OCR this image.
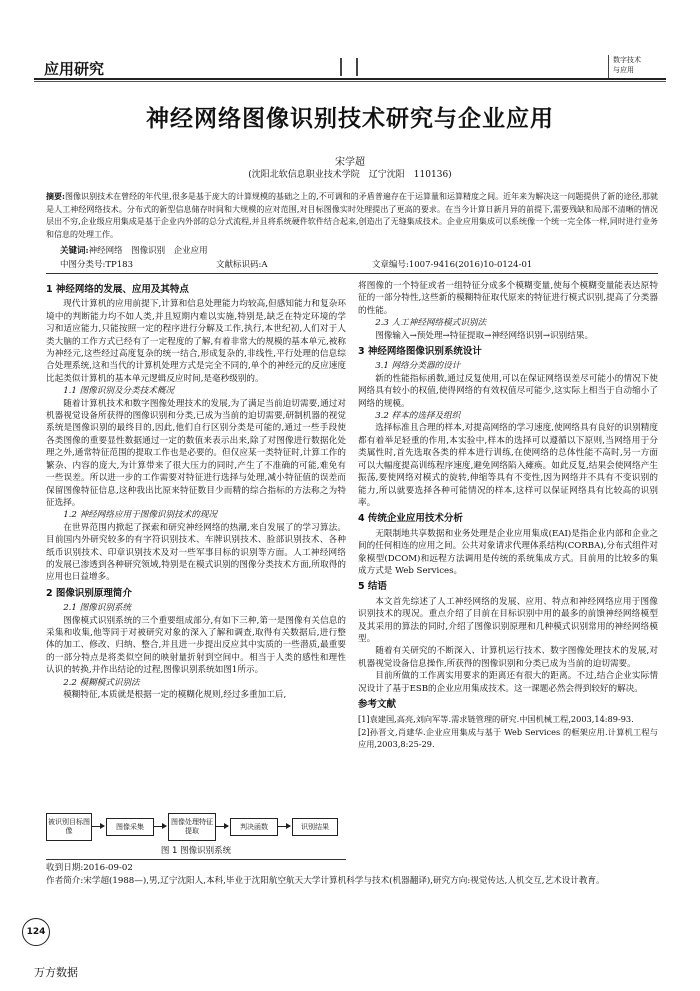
应用研究	数字技术
与应用
神经网络图像识别技术研究与企业应用
宋学超
(沈阳北软信息职业技术学院　辽宁沈阳　110136)
摘要:图像识别技术在曾经的年代里,很多是基于庞大的计算规模的基础之上的,不可调和的矛盾普遍存在于运算量和运算精度之间。近年来为解决这一问题提供了新的途径,那就是人工神经网络技术。分布式的新型信息储存时间和大规模的应对范围,对目标图像实时处理提出了更高的要求。在当今计算日新月异的前提下,需要残缺和局部不清晰的情况层出不穷,企业级应用集成是基于企业内外部的总分式流程,并且将系统硬件软件结合起来,创造出了无缝集成技术。企业应用集成可以系统像一个统一完全体一样,同时进行业务和信息的处理工作。
关键词:神经网络　图像识别　企业应用
中图分类号:TP183	文献标识码:A	文章编号:1007-9416(2016)10-0124-01
1 神经网络的发展、应用及其特点

现代计算机的应用前提下,计算和信息处理能力均较高,但感知能力和复杂环境中的判断能力均不如人类,并且短期内难以实施,特别是,缺乏在特定环境的学习和适应能力,只能按照一定的程序进行分解及工作,执行,本世纪初,人们对于人类大脑的工作方式已经有了一定程度的了解,有着非常大的规模的基本单元,被称为神经元,这些经过高度复杂的统一结合,形成复杂的,非线性,平行处理的信息综合处理系统,这和当代的计算机处理方式是完全不同的,单个的神经元的反应速度比起类似计算机的基本单元逻辑反应时间,是毫秒级别的。

1.1 图像识别及分类技术概况

随着计算机技术和数字图像处理技术的发展,为了满足当前迫切需要,通过对机器视觉设备所获得的图像识别和分类,已成为当前的迫切需要,研制机器的视觉系统是图像识别的最终目的,因此,他们自行区别分类是可能的,通过一些手段使各类图像的重要显性数据通过一定的数值来表示出来,除了对图像进行数据化处理之外,通常特征范围的提取工作也是必要的。但仅应某一类特征时,计算工作的繁杂、内容的庞大,为计算带来了很大压力的同时,产生了不准确的可能,难免有一些误差。所以进一步的工作需要对特征进行选择与处理,减小特征值的误差而保留图像特征信息,这种我出比原来特征数目少而精的综合指标的方法称之为特征选择。

1.2 神经网络应用于图像识别技术的现况

在世界范围内掀起了探索和研究神经网络的热潮,来自发展了的学习算法。目前国内外研究较多的有字符识别技术、车牌识别技术、脸部识别技术、各种纸币识别技术、印章识别技术及对一些军事目标的识别等方面。人工神经网络的发展已渗透到各种研究领域,特别是在模式识别的图像分类技术方面,所取得的应用也日益增多。

2 图像识别原理简介
2.1 图像识别系统

图像模式识别系统的三个重要组成部分,有如下三种,第一是图像有关信息的采集和收集,他等同于对被研究对象的深入了解和调查,取得有关数据后,进行整体的加工、修改、归纳、整合,并且进一步提出反应其中实质的一些潜质,最重要的一部分特点是将类似空间的映射量折射到空间中。相当于人类的感性和理性认识的转换,并作出结论的过程,图像识别系统如图1所示。

2.2 模糊模式识别法

模糊特征,本质就是根据一定的模糊化规则,经过多重加工后,

被识别目标图像
图像采集
图像处理特征提取
判决函数	识别结果
图 1 图像识别系统

将图像的一个特征或者一组特征分成多个模糊变量,使每个模糊变量能表达原特征的一部分特性,这些新的模糊特征取代原来的特征进行模式识别,提高了分类器的性能。

2.3 人工神经网络模式识别法

图像输入→预处理→特征提取→神经网络识别→识别结果。

3 神经网络图像识别系统设计
3.1 网络分类器的设计

新的性能指标函数,通过反复使用,可以在保证网络误差尽可能小的情况下使网络具有较小的权值,使得网络的有效权值尽可能少,这实际上相当于自动缩小了网络的规模。

3.2 样本的选择及组织

选择标准且合理的样本,对提高网络的学习速度,使网络具有良好的识别精度都有着举足轻重的作用,本实验中,样本的选择可以遵循以下原则,当网络用于分类属性时,首先选取各类的样本进行训练,在使网络的总体性能不高时,另一方面可以大幅度提高训练程序速度,避免网络陷入瘫痪。如此反复,结果会使网络产生振荡,要使网络对模式的旋转,伸缩等具有不变性,因为网络并不具有不变识别的能力,所以就要选择各种可能情况的样本,这样可以保证网络具有比较高的识别率。

4 传统企业应用技术分析

无限制地共享数据和业务处理是企业应用集成(EAI)是指企业内部和企业之间的任何相连的应用之间。公共对象请求代理体系结构(CORBA),分布式组件对象模型(DCOM)和远程方法调用是传统的系统集成方式。目前用的比较多的集成方式是 Web Services。

5 结语

本文首先综述了人工神经网络的发展、应用、特点和神经网络应用于图像识别技术的现况。重点介绍了目前在目标识别中用的最多的前馈神经网络模型及其采用的算法的同时,介绍了图像识别原理和几种模式识别常用的神经网络模型。

随着有关研究的不断深入、计算机运行技术、数字图像处理技术的发展,对机器视觉设备信息操作,所获得的图像识别和分类已成为当前的迫切需要。

目前所做的工作离实用要求的距离还有很大的距离。不过,结合企业实际情况设计了基于ESB的企业应用集成技术。这一课题必然会得到较好的解决。

参考文献

[1]袁建国,高亮,刘向军等.需求链管理的研究.中国机械工程,2003,14:89-93.

[2]孙晋文,肖建华.企业应用集成与基于 Web Services 的框架应用.计算机工程与应用,2003,8:25-29.

收到日期:2016-09-02
作者简介:宋学超(1988—),男,辽宁沈阳人,本科,毕业于沈阳航空航天大学计算机科学与技术(机器翻译),研究方向:视觉传达,人机交互,艺术设计教育。
124
万方数据
